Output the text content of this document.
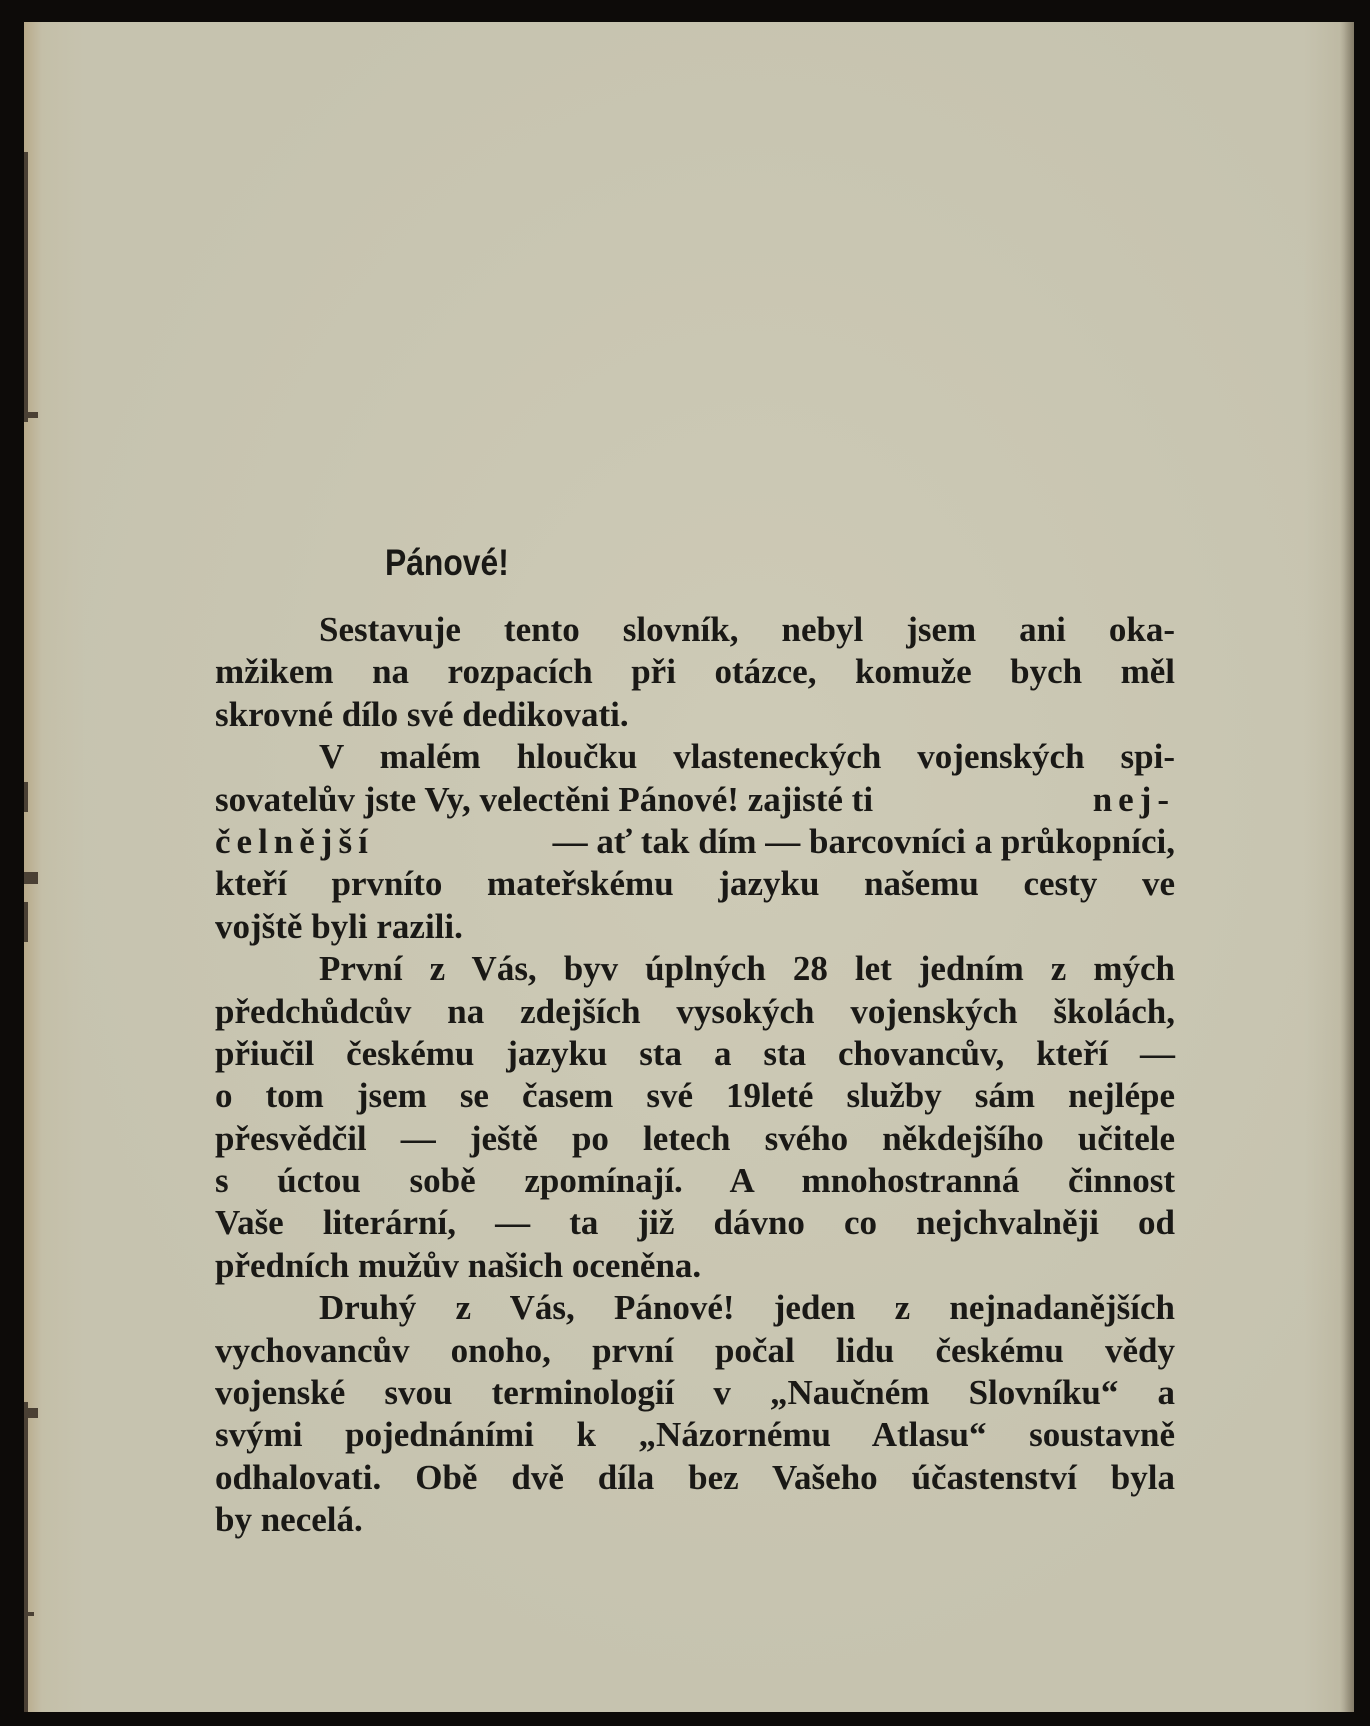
Pánové!
Sestavuje tento slovník, nebyl jsem ani oka-
mžikem na rozpacích při otázce, komuže bych měl
skrovné dílo své dedikovati.
V malém hloučku vlasteneckých vojenských spi-
sovatelův jste Vy, velectěni Pánové! zajisté ti	nej-
čelnější	— ať tak dím — barcovníci a průkopníci,
kteří prvníto mateřskému jazyku našemu cesty ve
vojště byli razili.
První z Vás, byv úplných 28 let jedním z mých
předchůdcův na zdejších vysokých vojenských školách,
přiučil českému jazyku sta a sta chovancův, kteří —
o tom jsem se časem své 19leté služby sám nejlépe
přesvědčil — ještě po letech svého někdejšího učitele
s úctou sobě zpomínají. A mnohostranná činnost
Vaše literární, — ta již dávno co nejchvalněji od
předních mužův našich oceněna.
Druhý z Vás, Pánové! jeden z nejnadanějších
vychovancův onoho, první počal lidu českému vědy
vojenské svou terminologií v „Naučném Slovníku“ a
svými pojednáními k „Názornému Atlasu“ soustavně
odhalovati. Obě dvě díla bez Vašeho účastenství byla
by necelá.
